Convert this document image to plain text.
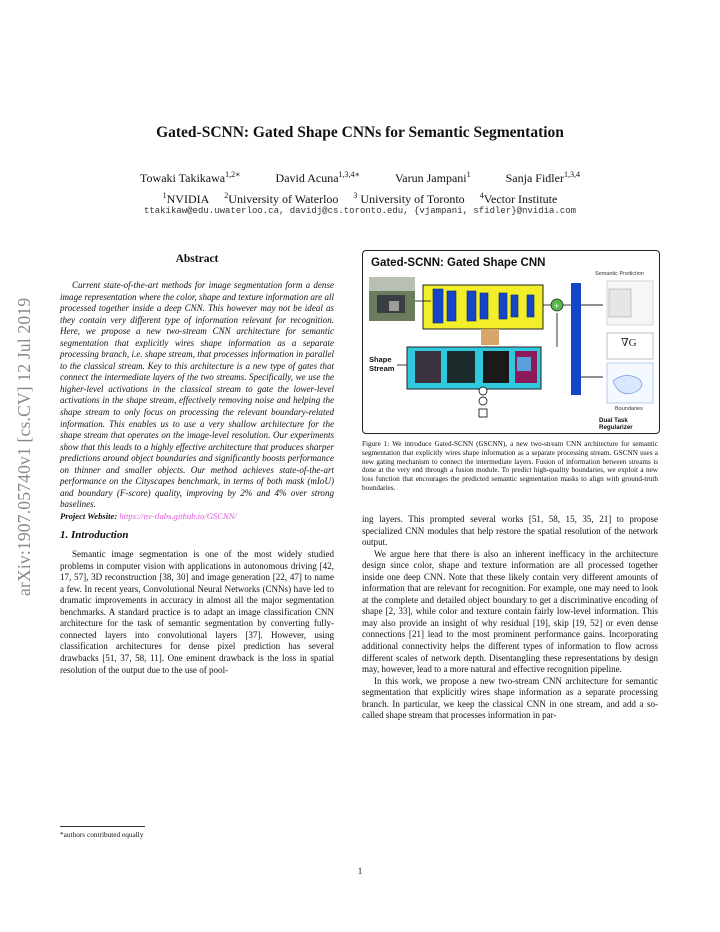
Gated-SCNN: Gated Shape CNNs for Semantic Segmentation
Towaki Takikawa$^{1,2∗}$	David Acuna$^{1,3,4∗}$	Varun Jampani$^1$	Sanja Fidler$^{1,3,4}$
$^1$NVIDIA $^2$University of Waterloo $^3$ University of Toronto $^4$Vector Institute
ttakikaw@edu.uwaterloo.ca, davidj@cs.toronto.edu, {vjampani, sfidler}@nvidia.com
arXiv:1907.05740v1 [cs.CV] 12 Jul 2019
Abstract

Current state-of-the-art methods for image segmentation form a dense image representation where the color, shape and texture information are all processed together inside a deep CNN. This however may not be ideal as they contain very different type of information relevant for recognition. Here, we propose a new two-stream CNN architecture for semantic segmentation that explicitly wires shape information as a separate processing branch, i.e. shape stream, that processes information in parallel to the classical stream. Key to this architecture is a new type of gates that connect the intermediate layers of the two streams. Specifically, we use the higher-level activations in the classical stream to gate the lower-level activations in the shape stream, effectively removing noise and helping the shape stream to only focus on processing the relevant boundary-related information. This enables us to use a very shallow architecture for the shape stream that operates on the image-level resolution. Our experiments show that this leads to a highly effective architecture that produces sharper predictions around object boundaries and significantly boosts performance on thinner and smaller objects. Our method achieves state-of-the-art performance on the Cityscapes benchmark, in terms of both mask (mIoU) and boundary (F-score) quality, improving by 2% and 4% over strong baselines.

Project Website: https://nv-tlabs.github.io/GSCNN/

1. Introduction

Semantic image segmentation is one of the most widely studied problems in computer vision with applications in autonomous driving [42, 17, 57], 3D reconstruction [38, 30] and image generation [22, 47] to name a few. In recent years, Convolutional Neural Networks (CNNs) have led to dramatic improvements in accuracy in almost all the major segmentation benchmarks. A standard practice is to adapt an image classification CNN architecture for the task of semantic segmentation by converting fully-connected layers into convolutional layers [37]. However, using classification architectures for dense pixel prediction has several drawbacks [51, 37, 58, 11]. One eminent drawback is the loss in spatial resolution of the output due to the use of pool-

*authors contributed equally
Gated-SCNN: Gated Shape CNN
+
Semantic Prediction
∇G
Boundaries
Dual Task Regularizer
Shape
Stream
Figure 1: We introduce Gated-SCNN (GSCNN), a new two-stream CNN architecture for semantic segmentation that explicitly wires shape information as a separate processing stream. GSCNN uses a new gating mechanism to connect the intermediate layers. Fusion of information between streams is done at the very end through a fusion module. To predict high-quality boundaries, we exploit a new loss function that encourages the predicted semantic segmentation masks to align with ground-truth boundaries.

ing layers. This prompted several works [51, 58, 15, 35, 21] to propose specialized CNN modules that help restore the spatial resolution of the network output.

We argue here that there is also an inherent inefficacy in the architecture design since color, shape and texture information are all processed together inside one deep CNN. Note that these likely contain very different amounts of information that are relevant for recognition. For example, one may need to look at the complete and detailed object boundary to get a discriminative encoding of shape [2, 33], while color and texture contain fairly low-level information. This may also provide an insight of why residual [19], skip [19, 52] or even dense connections [21] lead to the most prominent performance gains. Incorporating additional connectivity helps the different types of information to flow across different scales of network depth. Disentangling these representations by design may, however, lead to a more natural and effective recognition pipeline.

In this work, we propose a new two-stream CNN architecture for semantic segmentation that explicitly wires shape information as a separate processing branch. In particular, we keep the classical CNN in one stream, and add a so-called shape stream that processes information in par-

1
